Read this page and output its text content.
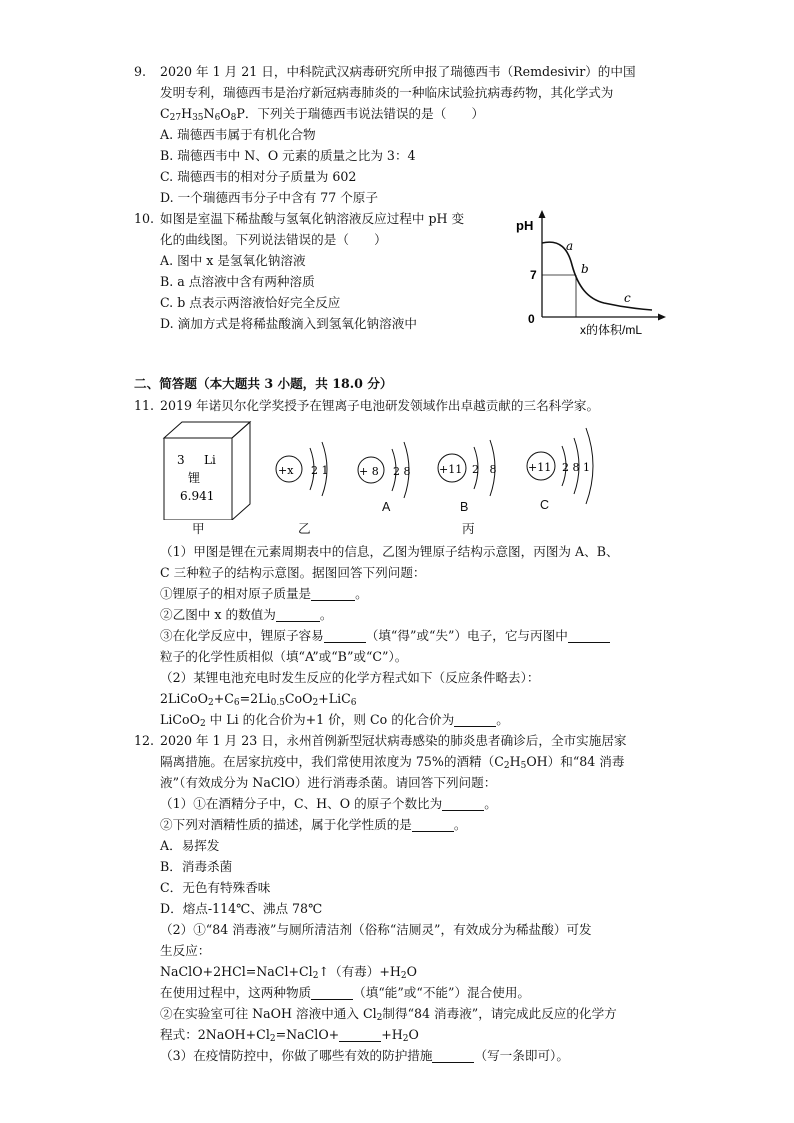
9. 2020 年 1 月 21 日，中科院武汉病毒研究所申报了瑞德西韦（Remdesivir）的中国
发明专利，瑞德西韦是治疗新冠病毒肺炎的一种临床试验抗病毒药物，其化学式为
$C_{27}H_{35}N_6O_8P$．下列关于瑞德西韦说法错误的是（　　）
A. 瑞德西韦属于有机化合物
B. 瑞德西韦中 N、O 元素的质量之比为 3：4
C. 瑞德西韦的相对分子质量为 602
D. 一个瑞德西韦分子中含有 77 个原子
10. 如图是室温下稀盐酸与氢氧化钠溶液反应过程中 pH 变
化的曲线图。下列说法错误的是（　　）
A. 图中 x 是氢氧化钠溶液
B. a 点溶液中含有两种溶质
C. b 点表示两溶液恰好完全反应
D. 滴加方式是将稀盐酸滴入到氢氧化钠溶液中
pH
7
0
a
b
c
x的体积/mL
二、简答题（本大题共 3 小题，共 18.0 分）
11. 2019 年诺贝尔化学奖授予在锂离子电池研发领域作出卓越贡献的三名科学家。
3 Li
锂
6.941
+x 2 1	+ 8 2 8	+11 2   8	+11 2 8 1
A	B	C
甲	乙	丙
（1）甲图是锂在元素周期表中的信息，乙图为锂原子结构示意图，丙图为 A、B、
C 三种粒子的结构示意图。据图回答下列问题：
①锂原子的相对原子质量是	。
②乙图中 x 的数值为	。
③在化学反应中，锂原子容易	（填“得”或“失”）电子，它与丙图中
粒子的化学性质相似（填“A”或“B”或“C”）。
（2）某锂电池充电时发生反应的化学方程式如下（反应条件略去）：
$2LiCoO_2+C_6=2Li_{0.5}CoO_2+LiC_6$
LiCoO$_2$ 中 Li 的化合价为+1 价，则 Co 的化合价为	。
12. 2020 年 1 月 23 日，永州首例新型冠状病毒感染的肺炎患者确诊后，全市实施居家
隔离措施。在居家抗疫中，我们常使用浓度为 75%的酒精$(C_2H_5OH)$和“84 消毒
液”（有效成分为 NaClO）进行消毒杀菌。请回答下列问题：
（1）①在酒精分子中，C、H、O 的原子个数比为	。
②下列对酒精性质的描述，属于化学性质的是	。
A．易挥发
B．消毒杀菌
C．无色有特殊香味
D．熔点-114℃、沸点 78℃
（2）①“84 消毒液”与厕所清洁剂（俗称“洁厕灵”，有效成分为稀盐酸）可发
生反应：
$NaClO+2HCl=NaCl+Cl_2↑$（有毒）$+H_2O$
在使用过程中，这两种物质	（填“能”或“不能”）混合使用。
②在实验室可往 NaOH 溶液中通入 $Cl_2$制得“84 消毒液”，请完成此反应的化学方
程式：$2NaOH+Cl_2=NaClO+$	$+H_2O$
（3）在疫情防控中，你做了哪些有效的防护措施	（写一条即可）。
